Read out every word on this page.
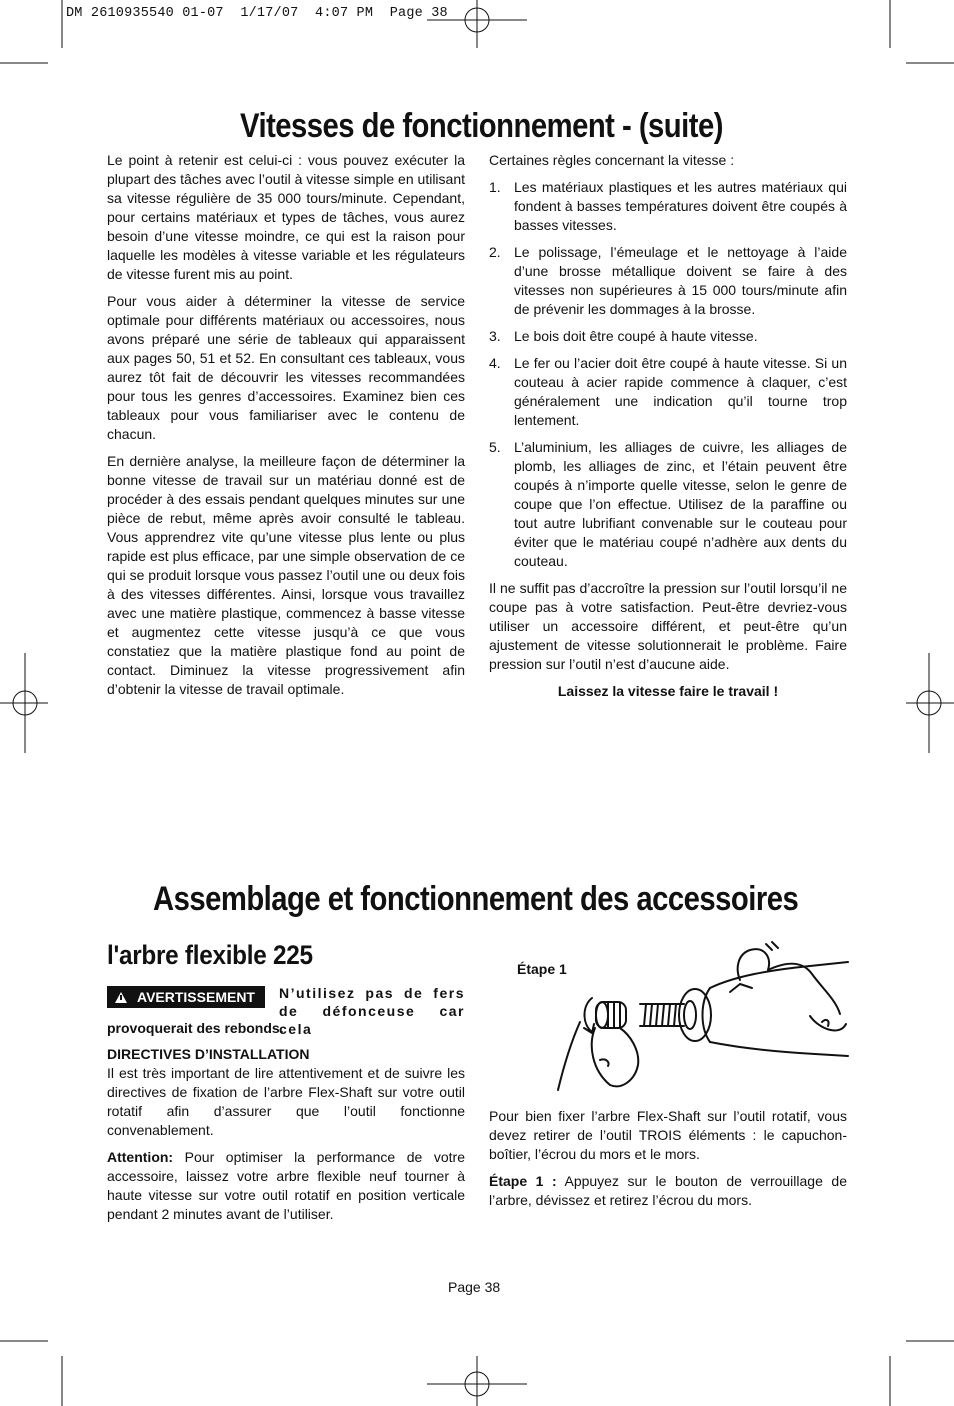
DM 2610935540 01-07  1/17/07  4:07 PM  Page 38
Vitesses de fonctionnement - (suite)

Le point à retenir est celui-ci : vous pouvez exécuter la plupart des tâches avec l’outil à vitesse simple en utilisant sa vitesse régulière de 35 000 tours/minute. Cependant, pour certains matériaux et types de tâches, vous aurez besoin d’une vitesse moindre, ce qui est la raison pour laquelle les modèles à vitesse variable et les régulateurs de vitesse furent mis au point.

Pour vous aider à déterminer la vitesse de service optimale pour différents matériaux ou accessoires, nous avons préparé une série de tableaux qui apparaissent aux pages 50, 51 et 52. En consultant ces tableaux, vous aurez tôt fait de découvrir les vitesses recommandées pour tous les genres d’accessoires. Examinez bien ces tableaux pour vous familiariser avec le contenu de chacun.

En dernière analyse, la meilleure façon de déterminer la bonne vitesse de travail sur un matériau donné est de procéder à des essais pendant quelques minutes sur une pièce de rebut, même après avoir consulté le tableau. Vous apprendrez vite qu’une vitesse plus lente ou plus rapide est plus efficace, par une simple observation de ce qui se produit lorsque vous passez l’outil une ou deux fois à des vitesses différentes. Ainsi, lorsque vous travaillez avec une matière plastique, commencez à basse vitesse et augmentez cette vitesse jusqu’à ce que vous constatiez que la matière plastique fond au point de contact. Diminuez la vitesse progressivement afin d’obtenir la vitesse de travail optimale.

Certaines règles concernant la vitesse :

1. Les matériaux plastiques et les autres matériaux qui fondent à basses températures doivent être coupés à basses vitesses.
2. Le polissage, l’émeulage et le nettoyage à l’aide d’une brosse métallique doivent se faire à des vitesses non supérieures à 15 000 tours/minute afin de prévenir les dommages à la brosse.
3. Le bois doit être coupé à haute vitesse.
4. Le fer ou l’acier doit être coupé à haute vitesse. Si un couteau à acier rapide commence à claquer, c’est généralement une indication qu’il tourne trop lentement.
5. L’aluminium, les alliages de cuivre, les alliages de plomb, les alliages de zinc, et l’étain peuvent être coupés à n’importe quelle vitesse, selon le genre de coupe que l’on effectue. Utilisez de la paraffine ou tout autre lubrifiant convenable sur le couteau pour éviter que le matériau coupé n’adhère aux dents du couteau.

Il ne suffit pas d’accroître la pression sur l’outil lorsqu’il ne coupe pas à votre satisfaction. Peut-être devriez-vous utiliser un accessoire différent, et peut-être qu’un ajustement de vitesse solutionnerait le problème. Faire pression sur l’outil n’est d’aucune aide.

Laissez la vitesse faire le travail !

Assemblage et fonctionnement des accessoires
l'arbre flexible 225
AVERTISSEMENT N’utilisez pas de fers de défonceuse car cela
provoquerait des rebonds.
DIRECTIVES D’INSTALLATION

Il est très important de lire attentivement et de suivre les directives de fixation de l’arbre Flex-Shaft sur votre outil rotatif afin d’assurer que l’outil fonctionne convenablement.

Attention: Pour optimiser la performance de votre accessoire, laissez votre arbre flexible neuf tourner à haute vitesse sur votre outil rotatif en position verticale pendant 2 minutes avant de l’utiliser.

Étape 1

Pour bien fixer l’arbre Flex-Shaft sur l’outil rotatif, vous devez retirer de l’outil TROIS éléments : le capuchon-boîtier, l’écrou du mors et le mors.

Étape 1 : Appuyez sur le bouton de verrouillage de l’arbre, dévissez et retirez l’écrou du mors.

Page 38
